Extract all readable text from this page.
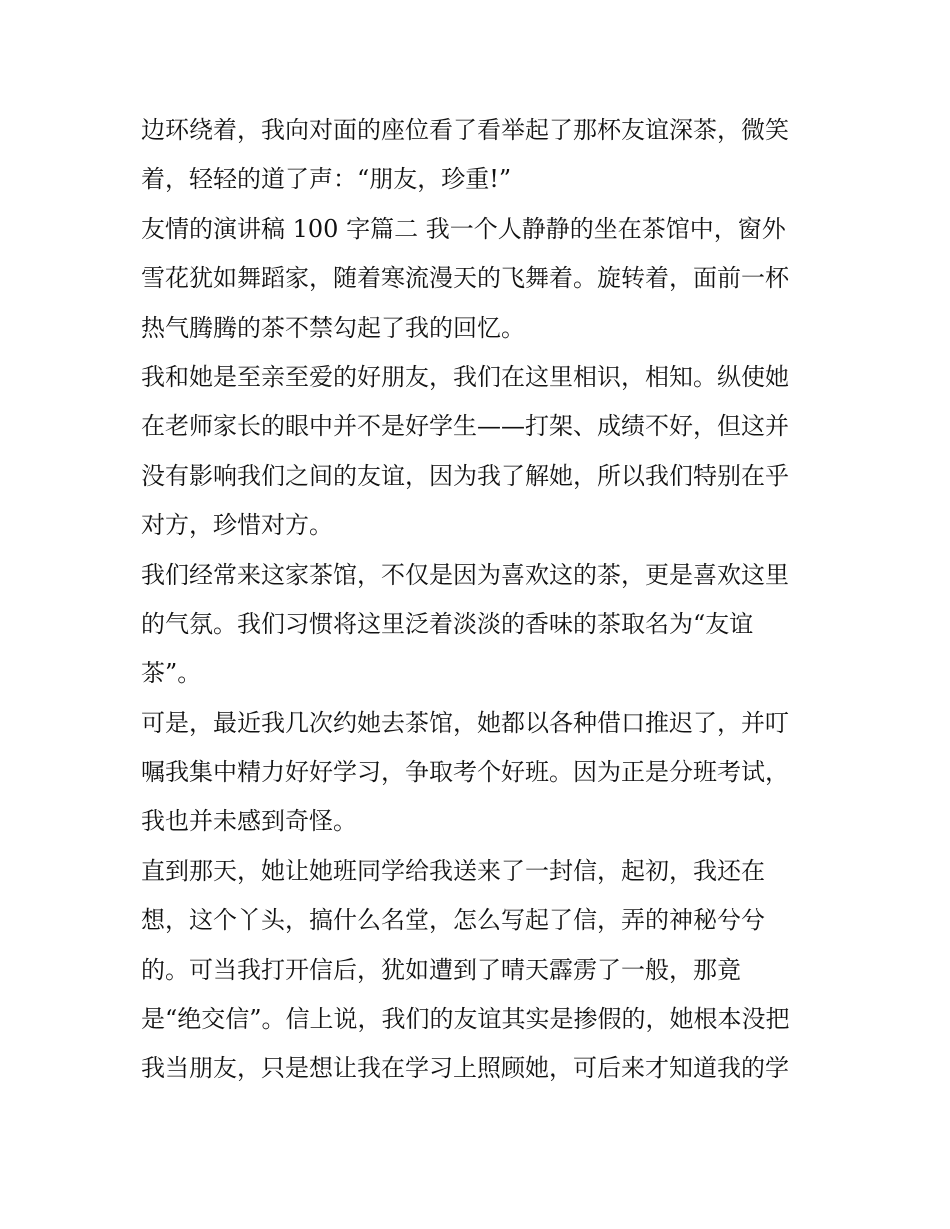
边环绕着，我向对面的座位看了看举起了那杯友谊深茶，微笑
着，轻轻的道了声：“朋友，珍重!”
友情的演讲稿 100 字篇二 我一个人静静的坐在茶馆中，窗外
雪花犹如舞蹈家，随着寒流漫天的飞舞着。旋转着，面前一杯
热气腾腾的茶不禁勾起了我的回忆。
我和她是至亲至爱的好朋友，我们在这里相识，相知。纵使她
在老师家长的眼中并不是好学生——打架、成绩不好，但这并
没有影响我们之间的友谊，因为我了解她，所以我们特别在乎
对方，珍惜对方。
我们经常来这家茶馆，不仅是因为喜欢这的茶，更是喜欢这里
的气氛。我们习惯将这里泛着淡淡的香味的茶取名为“友谊
茶”。
可是，最近我几次约她去茶馆，她都以各种借口推迟了，并叮
嘱我集中精力好好学习，争取考个好班。因为正是分班考试，
我也并未感到奇怪。
直到那天，她让她班同学给我送来了一封信，起初，我还在
想，这个丫头，搞什么名堂，怎么写起了信，弄的神秘兮兮
的。可当我打开信后，犹如遭到了晴天霹雳了一般，那竟
是“绝交信”。信上说，我们的友谊其实是掺假的，她根本没把
我当朋友，只是想让我在学习上照顾她，可后来才知道我的学
